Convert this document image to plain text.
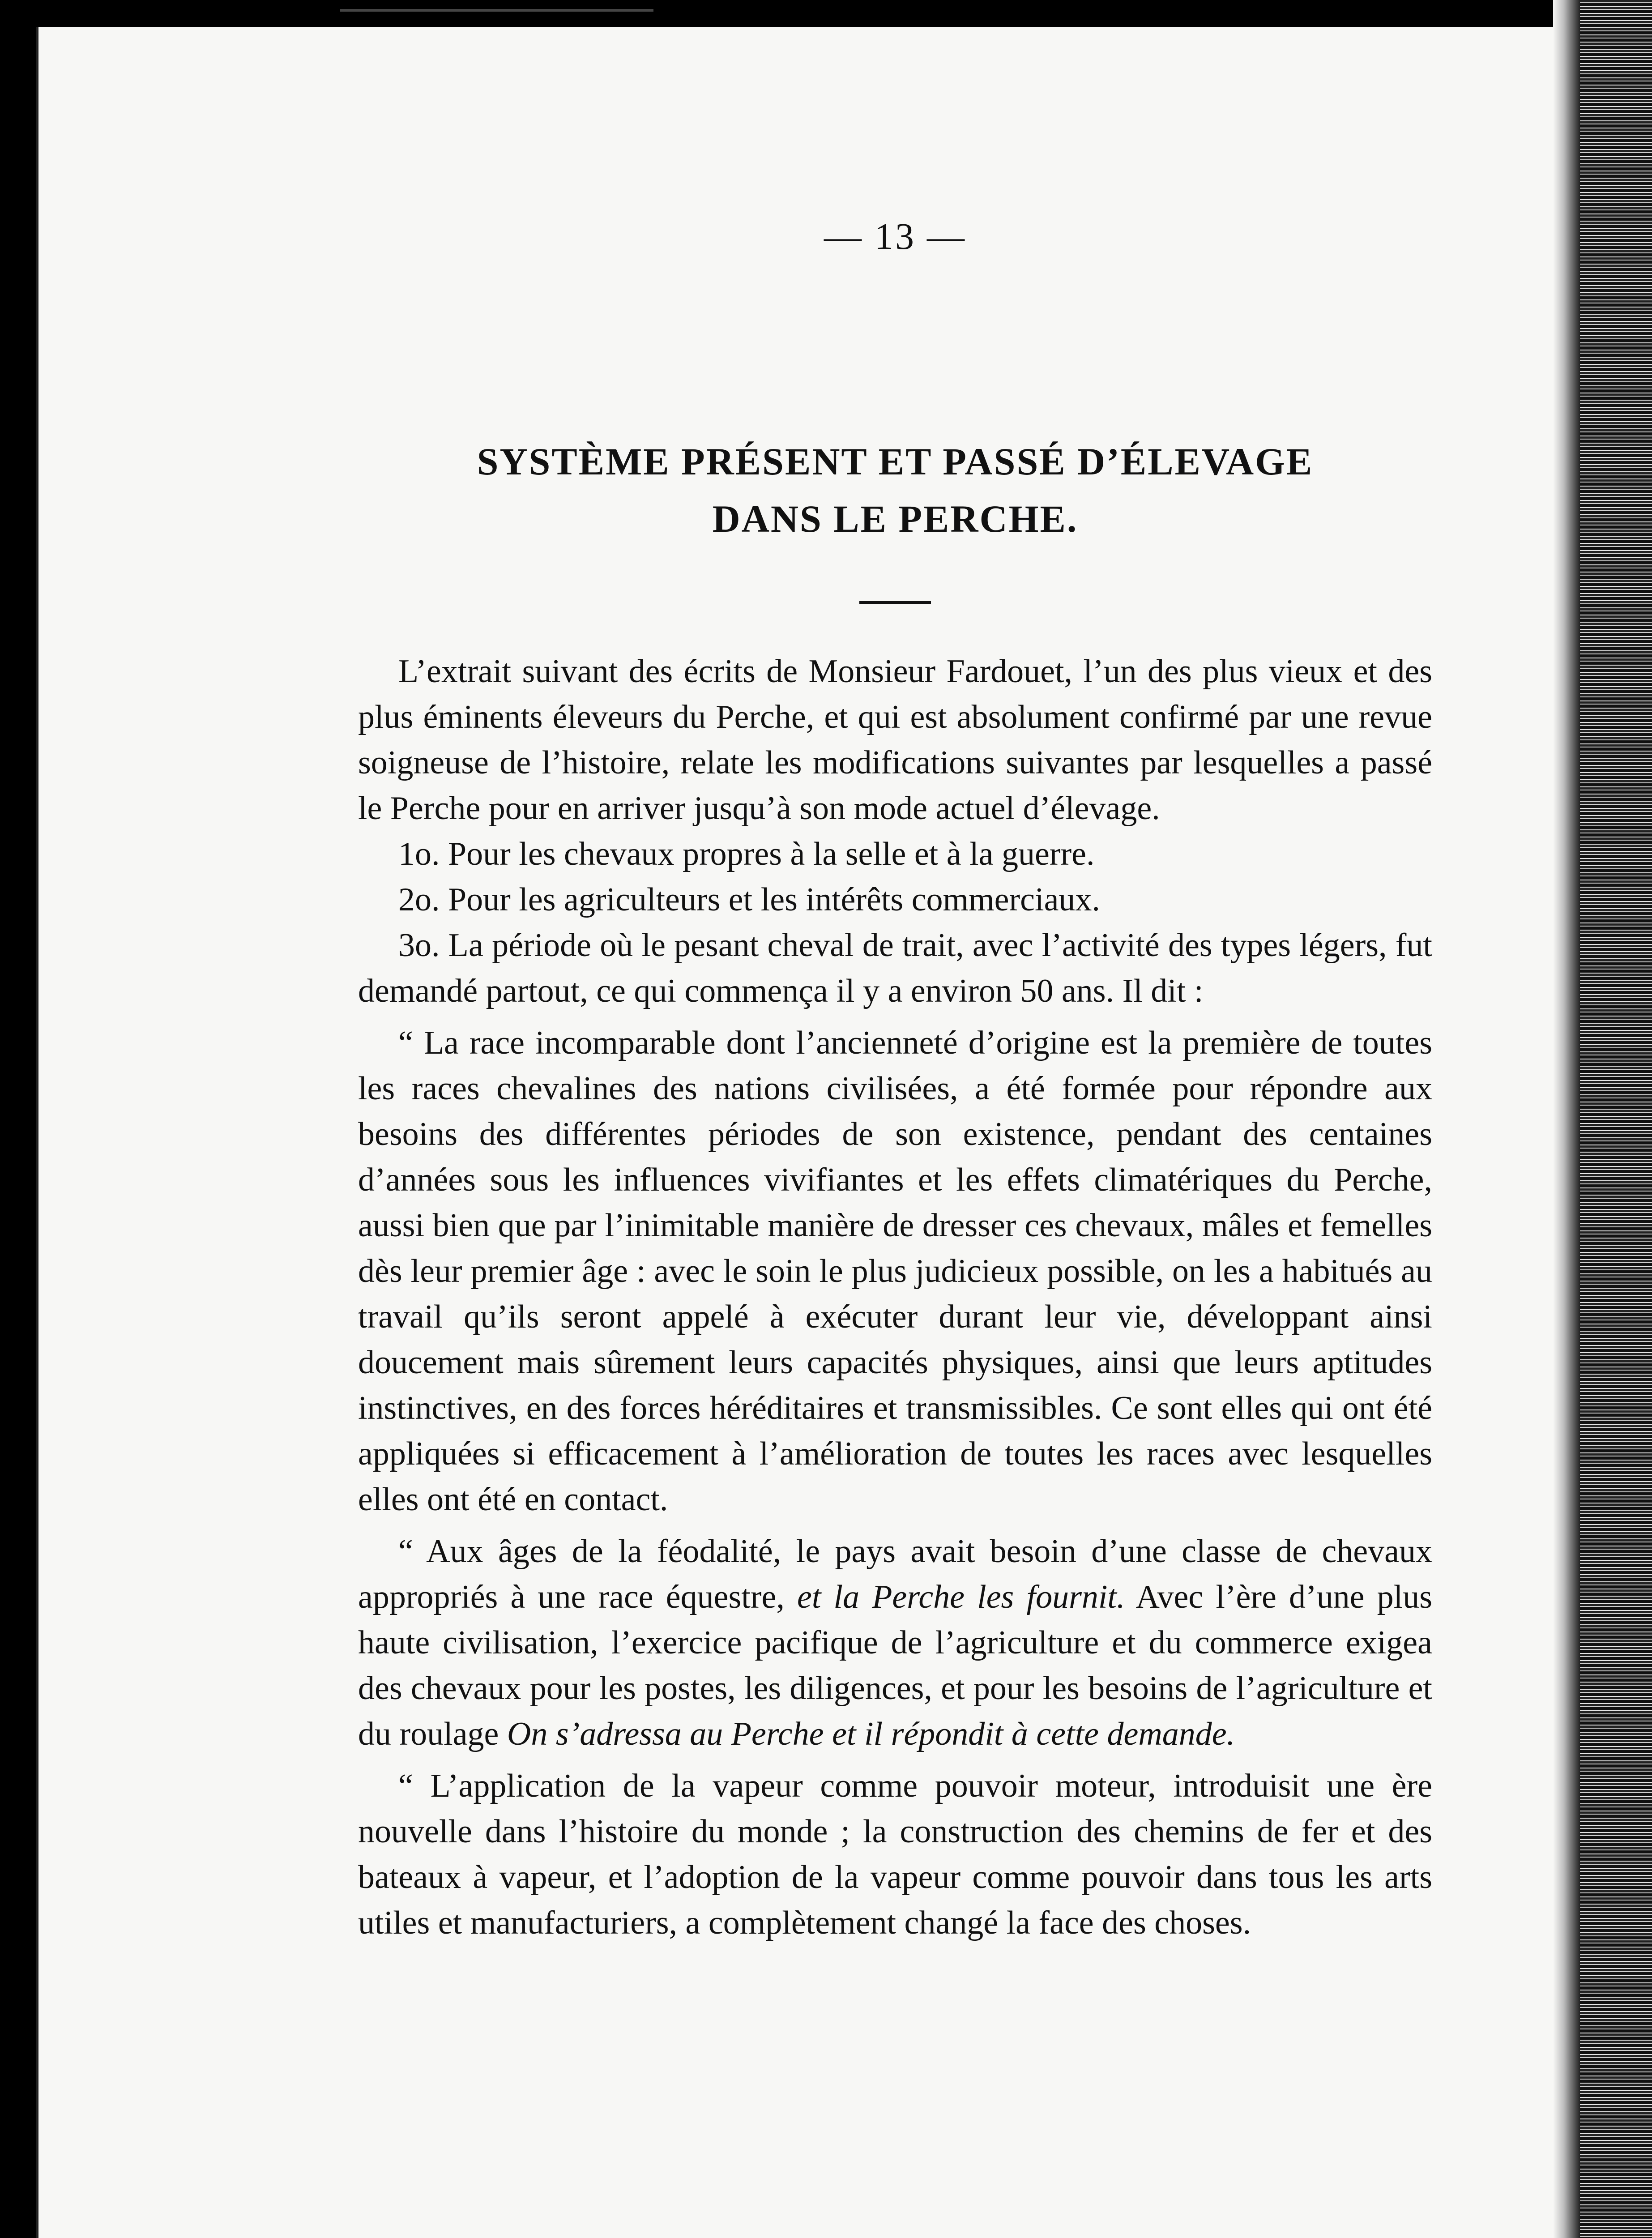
— 13 —
SYSTÈME PRÉSENT ET PASSÉ D’ÉLEVAGE
DANS LE PERCHE.

L’extrait suivant des écrits de Monsieur Fardouet, l’un des plus vieux et des plus éminents éleveurs du Perche, et qui est absolument confirmé par une revue soigneuse de l’histoire, relate les modifications suivantes par lesquelles a passé le Perche pour en arriver jusqu’à son mode actuel d’élevage.

1o. Pour les chevaux propres à la selle et à la guerre.

2o. Pour les agriculteurs et les intérêts commerciaux.

3o. La période où le pesant cheval de trait, avec l’activité des types légers, fut demandé partout, ce qui commença il y a environ 50 ans. Il dit :

“ La race incomparable dont l’ancienneté d’origine est la première de toutes les races chevalines des nations civilisées, a été formée pour répondre aux besoins des différentes périodes de son existence, pendant des centaines d’années sous les influences vivifiantes et les effets climatériques du Perche, aussi bien que par l’inimitable manière de dresser ces chevaux, mâles et femelles dès leur premier âge : avec le soin le plus judicieux possible, on les a habitués au travail qu’ils seront appelé à exécuter durant leur vie, développant ainsi doucement mais sûrement leurs capacités physiques, ainsi que leurs aptitudes instinctives, en des forces héréditaires et transmissibles. Ce sont elles qui ont été appliquées si efficacement à l’amélioration de toutes les races avec lesquelles elles ont été en contact.

“ Aux âges de la féodalité, le pays avait besoin d’une classe de chevaux appropriés à une race équestre, et la Perche les fournit. Avec l’ère d’une plus haute civilisation, l’exercice pacifique de l’agriculture et du commerce exigea des chevaux pour les postes, les diligences, et pour les besoins de l’agriculture et du roulage On s’adressa au Perche et il répondit à cette demande.

“ L’application de la vapeur comme pouvoir moteur, introduisit une ère nouvelle dans l’histoire du monde ; la construction des chemins de fer et des bateaux à vapeur, et l’adoption de la vapeur comme pouvoir dans tous les arts utiles et manufacturiers, a complètement changé la face des choses.
